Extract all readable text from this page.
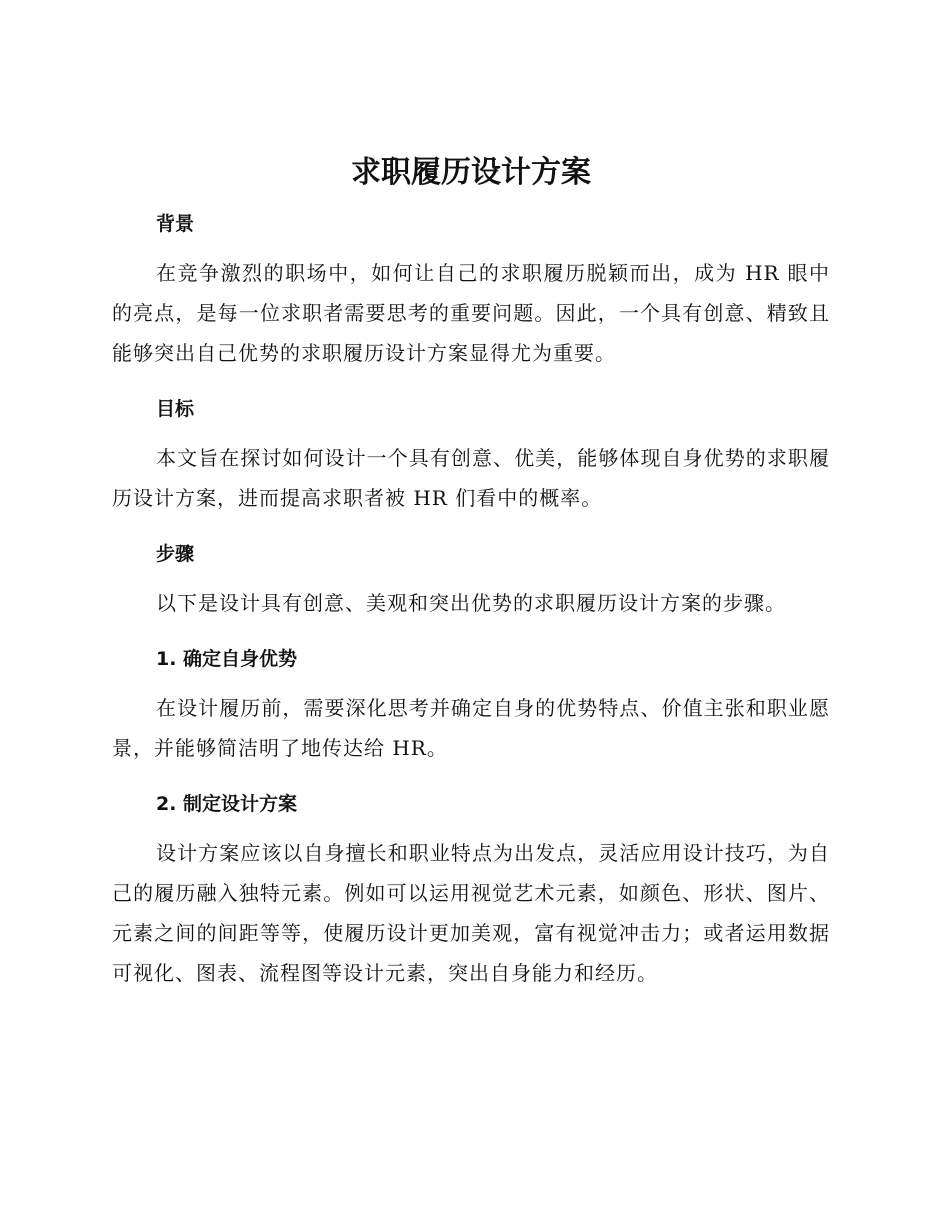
求职履历设计方案
背景

在竞争激烈的职场中，如何让自己的求职履历脱颖而出，成为 HR 眼中的亮点，是每一位求职者需要思考的重要问题。因此，一个具有创意、精致且能够突出自己优势的求职履历设计方案显得尤为重要。

目标

本文旨在探讨如何设计一个具有创意、优美，能够体现自身优势的求职履历设计方案，进而提高求职者被 HR 们看中的概率。

步骤

以下是设计具有创意、美观和突出优势的求职履历设计方案的步骤。

1. 确定自身优势

在设计履历前，需要深化思考并确定自身的优势特点、价值主张和职业愿景，并能够简洁明了地传达给 HR。

2. 制定设计方案

设计方案应该以自身擅长和职业特点为出发点，灵活应用设计技巧，为自己的履历融入独特元素。例如可以运用视觉艺术元素，如颜色、形状、图片、元素之间的间距等等，使履历设计更加美观，富有视觉冲击力；或者运用数据可视化、图表、流程图等设计元素，突出自身能力和经历。
